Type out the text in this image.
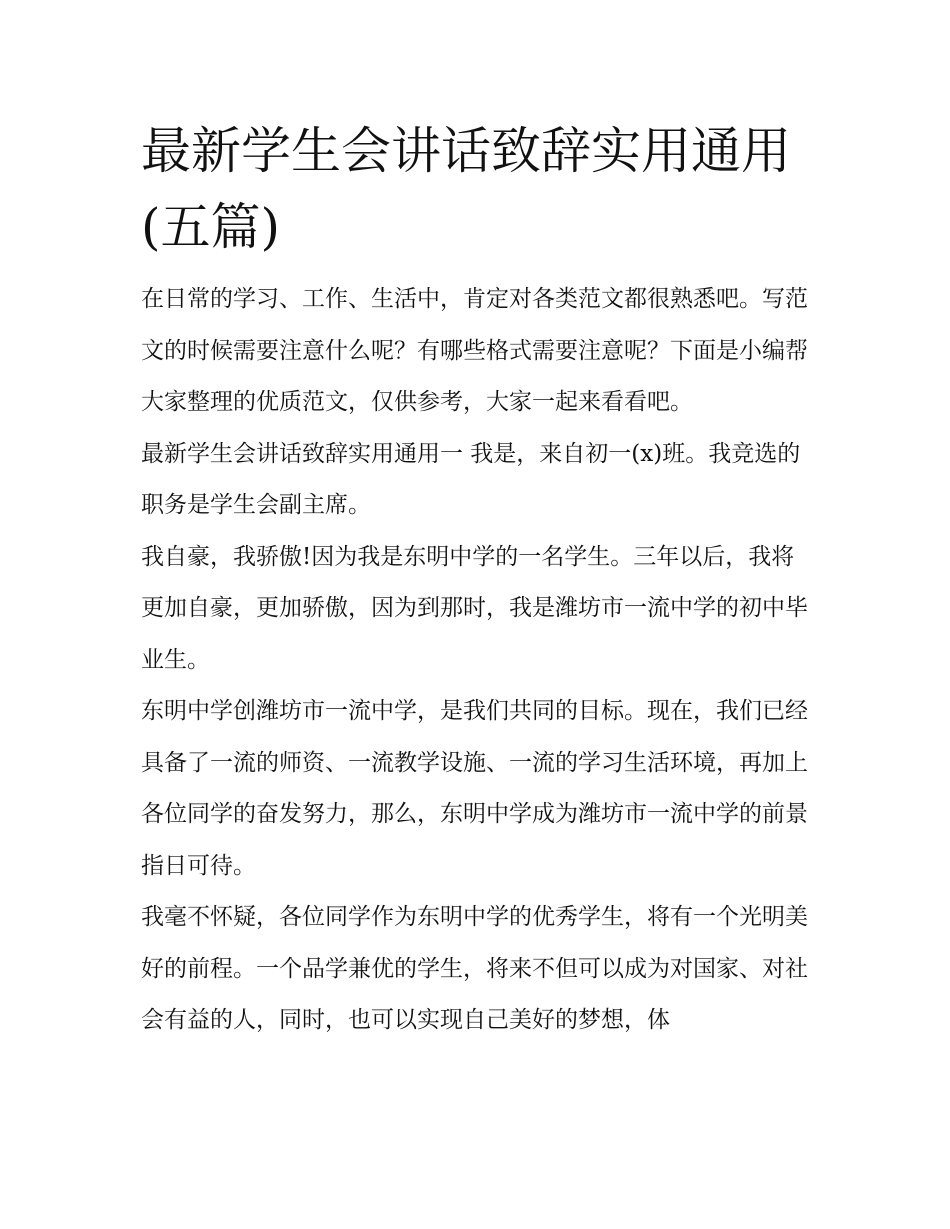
最新学生会讲话致辞实用通用(五篇)

在日常的学习、工作、生活中，肯定对各类范文都很熟悉吧。写范文的时候需要注意什么呢？有哪些格式需要注意呢？下面是小编帮大家整理的优质范文，仅供参考，大家一起来看看吧。

最新学生会讲话致辞实用通用一 我是，来自初一(x)班。我竞选的职务是学生会副主席。

我自豪，我骄傲!因为我是东明中学的一名学生。三年以后，我将更加自豪，更加骄傲，因为到那时，我是潍坊市一流中学的初中毕业生。

东明中学创潍坊市一流中学，是我们共同的目标。现在，我们已经具备了一流的师资、一流教学设施、一流的学习生活环境，再加上各位同学的奋发努力，那么，东明中学成为潍坊市一流中学的前景指日可待。

我毫不怀疑，各位同学作为东明中学的优秀学生，将有一个光明美好的前程。一个品学兼优的学生，将来不但可以成为对国家、对社会有益的人，同时，也可以实现自己美好的梦想，体
